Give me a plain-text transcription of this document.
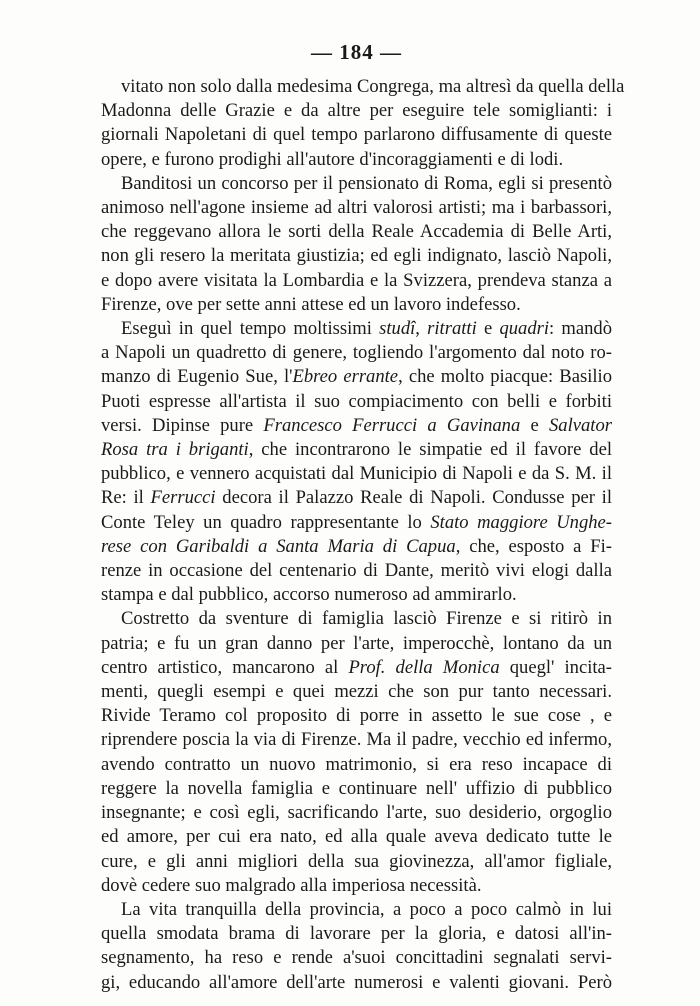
— 184 —
vitato non solo dalla medesima Congrega, ma altresì da quella della
Madonna delle Grazie e da altre per eseguire tele somiglianti: i
giornali Napoletani di quel tempo parlarono diffusamente di queste
opere, e furono prodighi all'autore d'incoraggiamenti e di lodi.
Banditosi un concorso per il pensionato di Roma, egli si presentò
animoso nell'agone insieme ad altri valorosi artisti; ma i barbassori,
che reggevano allora le sorti della Reale Accademia di Belle Arti,
non gli resero la meritata giustizia; ed egli indignato, lasciò Napoli,
e dopo avere visitata la Lombardia e la Svizzera, prendeva stanza a
Firenze, ove per sette anni attese ed un lavoro indefesso.
Eseguì in quel tempo moltissimi studî, ritratti e quadri: mandò
a Napoli un quadretto di genere, togliendo l'argomento dal noto ro-
manzo di Eugenio Sue, l'Ebreo errante, che molto piacque: Basilio
Puoti espresse all'artista il suo compiacimento con belli e forbiti
versi. Dipinse pure Francesco Ferrucci a Gavinana e Salvator
Rosa tra i briganti, che incontrarono le simpatie ed il favore del
pubblico, e vennero acquistati dal Municipio di Napoli e da S. M. il
Re: il Ferrucci decora il Palazzo Reale di Napoli. Condusse per il
Conte Teley un quadro rappresentante lo Stato maggiore Unghe-
rese con Garibaldi a Santa Maria di Capua, che, esposto a Fi-
renze in occasione del centenario di Dante, meritò vivi elogi dalla
stampa e dal pubblico, accorso numeroso ad ammirarlo.
Costretto da sventure di famiglia lasciò Firenze e si ritirò in
patria; e fu un gran danno per l'arte, imperocchè, lontano da un
centro artistico, mancarono al Prof. della Monica quegl' incita-
menti, quegli esempi e quei mezzi che son pur tanto necessari.
Rivide Teramo col proposito di porre in assetto le sue cose , e
riprendere poscia la via di Firenze. Ma il padre, vecchio ed infermo,
avendo contratto un nuovo matrimonio, si era reso incapace di
reggere la novella famiglia e continuare nell' uffizio di pubblico
insegnante; e così egli, sacrificando l'arte, suo desiderio, orgoglio
ed amore, per cui era nato, ed alla quale aveva dedicato tutte le
cure, e gli anni migliori della sua giovinezza, all'amor figliale,
dovè cedere suo malgrado alla imperiosa necessità.
La vita tranquilla della provincia, a poco a poco calmò in lui
quella smodata brama di lavorare per la gloria, e datosi all'in-
segnamento, ha reso e rende a'suoi concittadini segnalati servi-
gi, educando all'amore dell'arte numerosi e valenti giovani. Però
